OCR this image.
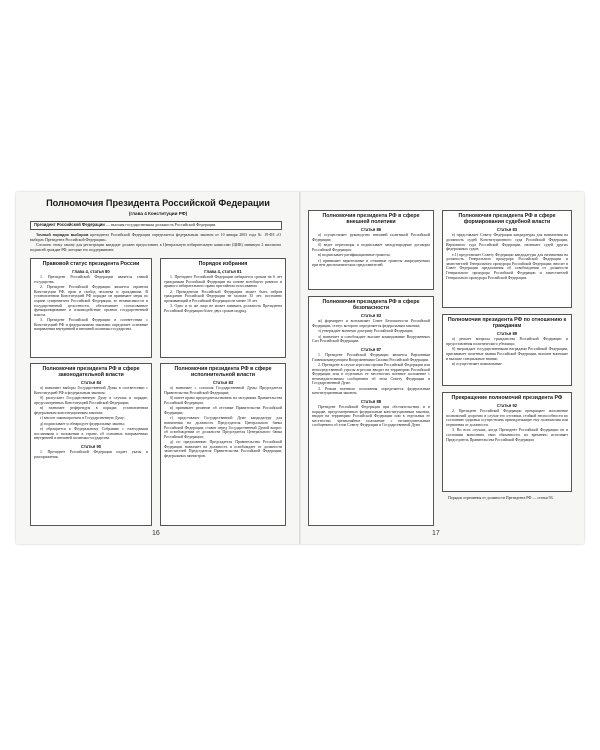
Полномочия Президента Российской Федерации
(глава 4 Конституции РФ)
Президент Российской Федерации — высшая государственная должность Российской Федерации.
Точный порядок выборов президента Российской Федерации определяется федеральным законом от 10 января 2003 года № 19-ФЗ «О выборах Президента Российской Федерации».
Согласно этому закону для регистрации кандидат должен предоставить в Центральную избирательную комиссию (ЦИК) минимум 2 миллиона подписей граждан РФ, которые его поддерживают.
Правовой статус президента России
Глава 4, статья 80
1. Президент Российской Федерации является главой государства.
2. Президент Российской Федерации является гарантом Конституции РФ, прав и свобод человека и гражданина. В установленном Конституцией РФ порядке он принимает меры по охране суверенитета Российской Федерации, ее независимости и государственной целостности, обеспечивает согласованное функционирование и взаимодействие органов государственной власти.
3. Президент Российской Федерации в соответствии с Конституцией РФ и федеральными законами определяет основные направления внутренней и внешней политики государства.
Порядок избрания
Глава 4, статья 81
1. Президент Российской Федерации избирается сроком на 6 лет гражданами Российской Федерации на основе всеобщего равного и прямого избирательного права при тайном голосовании.
2. Президентом Российской Федерации может быть избран гражданин Российской Федерации не моложе 35 лет, постоянно проживающий в Российской Федерации не менее 10 лет.
3. Одно и то же лицо не может занимать должность Президента Российской Федерации более двух сроков подряд.
Полномочия президента РФ в сфере законодательной власти
Статья 84
а) назначает выборы Государственной Думы в соответствии с Конституцией РФ и федеральным законом;
б) распускает Государственную Думу в случаях и порядке, предусмотренных Конституцией Российской Федерации;
в) назначает референдум в порядке, установленном федеральным конституционным законом;
г) вносит законопроекты в Государственную Думу;
д) подписывает и обнародует федеральные законы;
е) обращается к Федеральному Собранию с ежегодными посланиями о положении в стране, об основных направлениях внутренней и внешней политики государства.
Статья 90
1. Президент Российской Федерации издает указы и распоряжения.
Полномочия президента РФ в сфере исполнительной власти
Статья 83
а) назначает с согласия Государственной Думы Председателя Правительства Российской Федерации;
б) имеет право председательствовать на заседаниях Правительства Российской Федерации;
в) принимает решение об отставке Правительства Российской Федерации;
г) представляет Государственной Думе кандидатуру для назначения на должность Председателя Центрального банка Российской Федерации; ставит перед Государственной Думой вопрос об освобождении от должности Председателя Центрального банка Российской Федерации;
д) по предложению Председателя Правительства Российской Федерации назначает на должность и освобождает от должности заместителей Председателя Правительства Российской Федерации, федеральных министров.
16
Полномочия президента РФ в сфере внешней политики
Статья 86
а) осуществляет руководство внешней политикой Российской Федерации;
б) ведет переговоры и подписывает международные договоры Российской Федерации;
в) подписывает ратификационные грамоты;
г) принимает верительные и отзывные грамоты аккредитуемых при нем дипломатических представителей.
Полномочия президента РФ в сфере безопасности
Статья 83
ж) формирует и возглавляет Совет Безопасности Российской Федерации, статус которого определяется федеральным законом;
з) утверждает военную доктрину Российской Федерации;
л) назначает и освобождает высшее командование Вооруженных Сил Российской Федерации.
Статья 87
1. Президент Российской Федерации является Верховным Главнокомандующим Вооруженными Силами Российской Федерации.
2. Президент в случае агрессии против Российской Федерации или непосредственной угрозы агрессии вводит на территории Российской Федерации или в отдельных ее местностях военное положение с незамедлительным сообщением об этом Совету Федерации и Государственной Думе.
3. Режим военного положения определяется федеральным конституционным законом.
Статья 88
Президент Российской Федерации при обстоятельствах и в порядке, предусмотренных федеральным конституционным законом, вводит на территории Российской Федерации или в отдельных ее местностях чрезвычайное положение с незамедлительным сообщением об этом Совету Федерации и Государственной Думе.
Полномочия президента РФ в сфере формирования судебной власти
Статья 83
е) представляет Совету Федерации кандидатуры для назначения на должность судей Конституционного суда Российской Федерации, Верховного суда Российской Федерации, назначает судей других федеральных судов;
е.1) представляет Совету Федерации кандидатуры для назначения на должность Генерального прокурора Российской Федерации и заместителей Генерального прокурора Российской Федерации; вносит в Совет Федерации предложения об освобождении от должности Генерального прокурора Российской Федерации и заместителей Генерального прокурора Российской Федерации.
Полномочия президента РФ по отношению к гражданам
Статья 89
а) решает вопросы гражданства Российской Федерации и предоставления политического убежища;
б) награждает государственными наградами Российской Федерации, присваивает почетные звания Российской Федерации, высшие воинские и высшие специальные звания;
в) осуществляет помилование.
Прекращение полномочий президента РФ
Статья 92
2. Президент Российской Федерации прекращает исполнение полномочий досрочно в случае его отставки, стойкой неспособности по состоянию здоровья осуществлять принадлежащие ему полномочия или отрешения от должности.
3. Во всех случаях, когда Президент Российской Федерации не в состоянии выполнять свои обязанности, их временно исполняет Председатель Правительства Российской Федерации.
Порядок отрешения от должности Президента РФ — статья 93.
17
